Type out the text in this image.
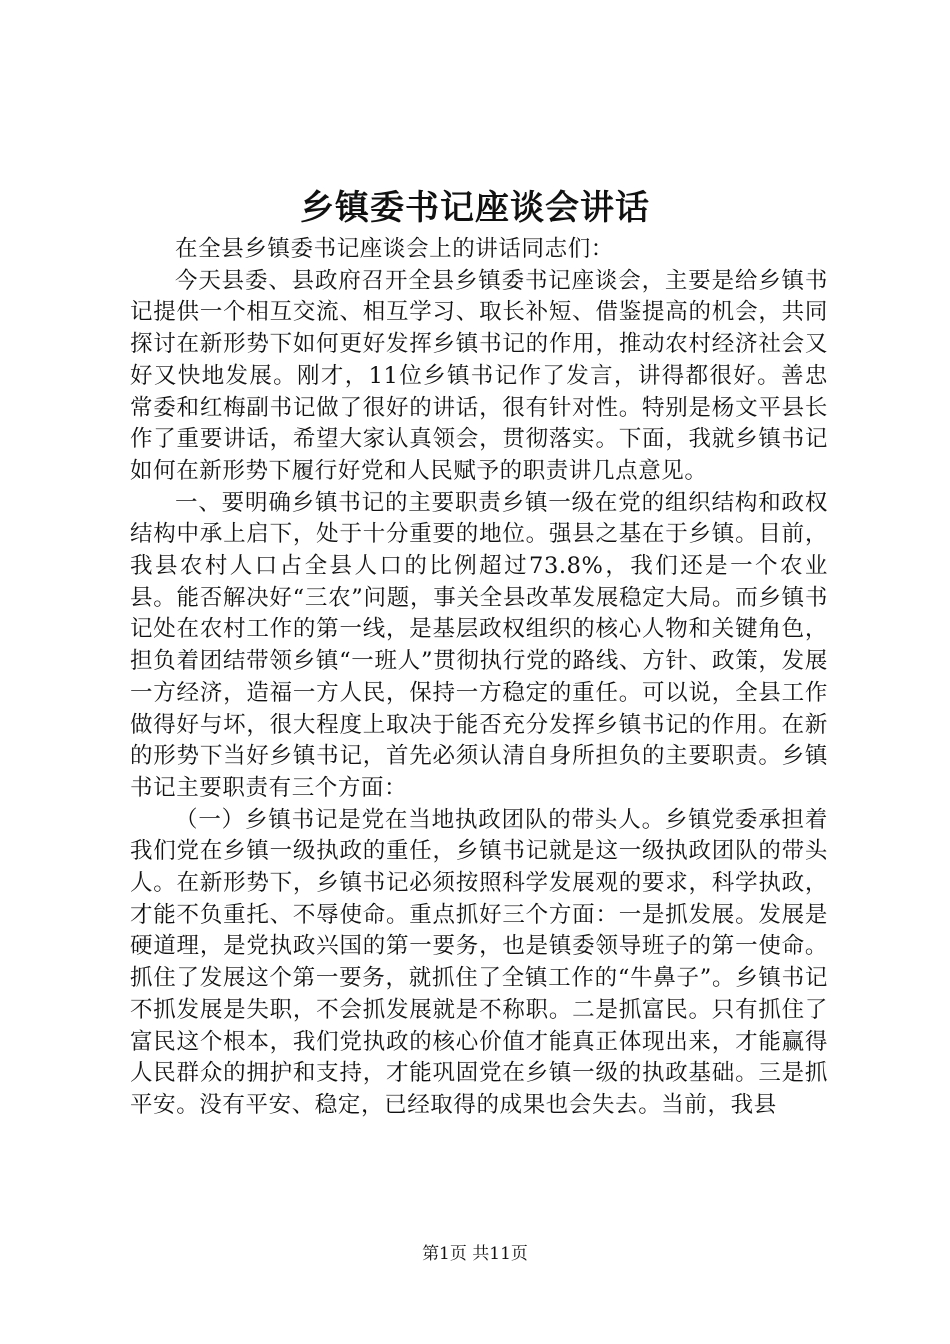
乡镇委书记座谈会讲话

在全县乡镇委书记座谈会上的讲话同志们：

今天县委、县政府召开全县乡镇委书记座谈会，主要是给乡镇书记提供一个相互交流、相互学习、取长补短、借鉴提高的机会，共同探讨在新形势下如何更好发挥乡镇书记的作用，推动农村经济社会又好又快地发展。刚才，11位乡镇书记作了发言，讲得都很好。善忠常委和红梅副书记做了很好的讲话，很有针对性。特别是杨文平县长作了重要讲话，希望大家认真领会，贯彻落实。下面，我就乡镇书记如何在新形势下履行好党和人民赋予的职责讲几点意见。

一、要明确乡镇书记的主要职责乡镇一级在党的组织结构和政权结构中承上启下，处于十分重要的地位。强县之基在于乡镇。目前，我县农村人口占全县人口的比例超过73.8%，我们还是一个农业县。能否解决好“三农”问题，事关全县改革发展稳定大局。而乡镇书记处在农村工作的第一线，是基层政权组织的核心人物和关键角色，担负着团结带领乡镇“一班人”贯彻执行党的路线、方针、政策，发展一方经济，造福一方人民，保持一方稳定的重任。可以说，全县工作做得好与坏，很大程度上取决于能否充分发挥乡镇书记的作用。在新的形势下当好乡镇书记，首先必须认清自身所担负的主要职责。乡镇书记主要职责有三个方面：

（一）乡镇书记是党在当地执政团队的带头人。乡镇党委承担着我们党在乡镇一级执政的重任，乡镇书记就是这一级执政团队的带头人。在新形势下，乡镇书记必须按照科学发展观的要求，科学执政，才能不负重托、不辱使命。重点抓好三个方面：一是抓发展。发展是硬道理，是党执政兴国的第一要务，也是镇委领导班子的第一使命。抓住了发展这个第一要务，就抓住了全镇工作的“牛鼻子”。乡镇书记不抓发展是失职，不会抓发展就是不称职。二是抓富民。只有抓住了富民这个根本，我们党执政的核心价值才能真正体现出来，才能赢得人民群众的拥护和支持，才能巩固党在乡镇一级的执政基础。三是抓平安。没有平安、稳定，已经取得的成果也会失去。当前，我县

第1页 共11页
